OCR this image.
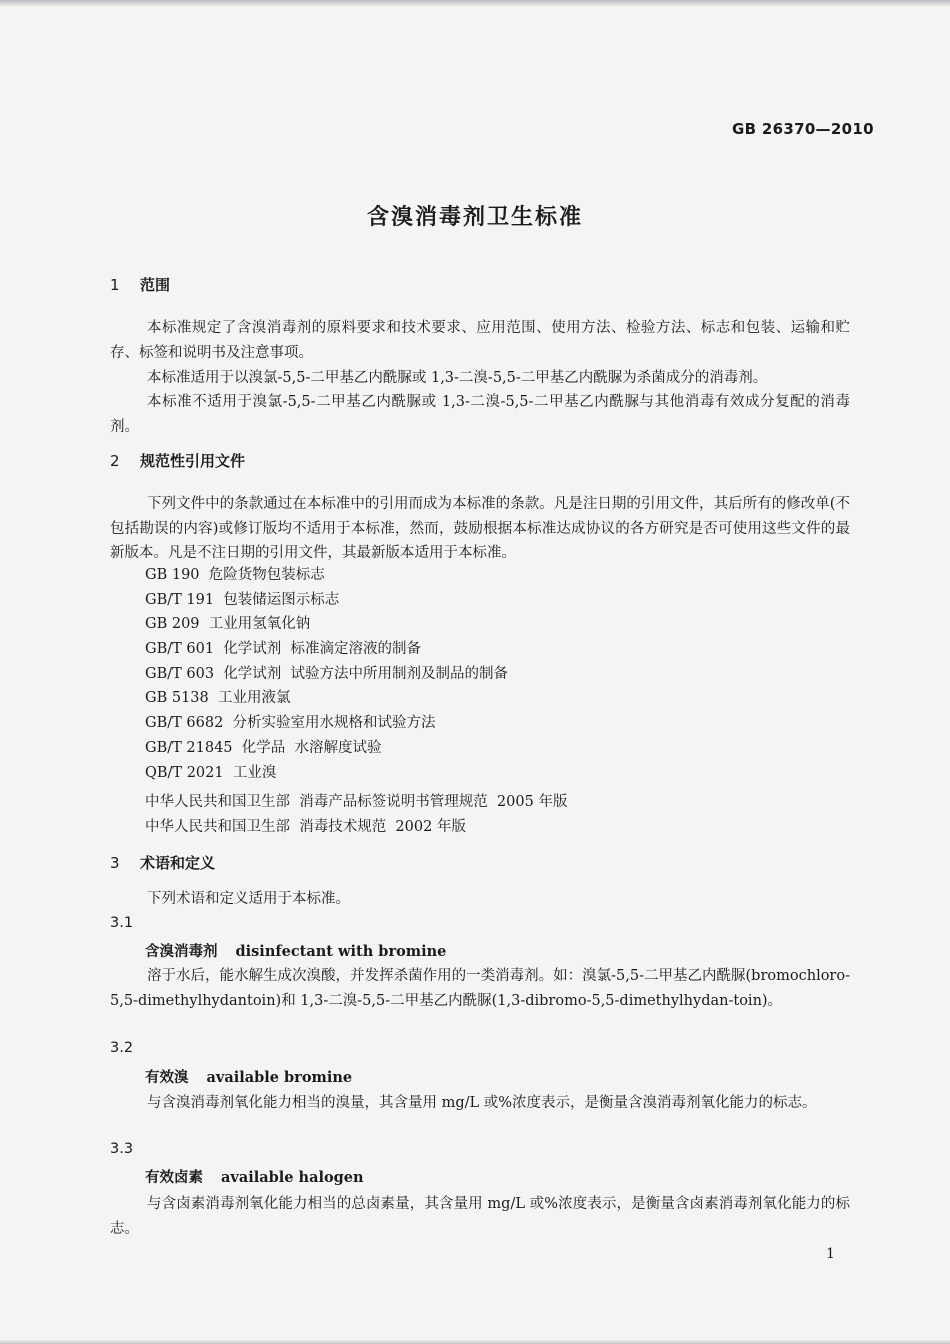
GB 26370—2010
含溴消毒剂卫生标准
1 范围
本标准规定了含溴消毒剂的原料要求和技术要求、应用范围、使用方法、检验方法、标志和包装、运输和贮存、标签和说明书及注意事项。
本标准适用于以溴氯-5,5-二甲基乙内酰脲或 1,3-二溴-5,5-二甲基乙内酰脲为杀菌成分的消毒剂。
本标准不适用于溴氯-5,5-二甲基乙内酰脲或 1,3-二溴-5,5-二甲基乙内酰脲与其他消毒有效成分复配的消毒剂。
2 规范性引用文件
下列文件中的条款通过在本标准中的引用而成为本标准的条款。凡是注日期的引用文件，其后所有的修改单(不包括勘误的内容)或修订版均不适用于本标准，然而，鼓励根据本标准达成协议的各方研究是否可使用这些文件的最新版本。凡是不注日期的引用文件，其最新版本适用于本标准。
GB 190  危险货物包装标志
GB/T 191  包装储运图示标志
GB 209  工业用氢氧化钠
GB/T 601  化学试剂  标准滴定溶液的制备
GB/T 603  化学试剂  试验方法中所用制剂及制品的制备
GB 5138  工业用液氯
GB/T 6682  分析实验室用水规格和试验方法
GB/T 21845  化学品  水溶解度试验
QB/T 2021  工业溴
中华人民共和国卫生部  消毒产品标签说明书管理规范  2005 年版
中华人民共和国卫生部  消毒技术规范  2002 年版
3 术语和定义
下列术语和定义适用于本标准。
3.1
含溴消毒剂 disinfectant with bromine
溶于水后，能水解生成次溴酸，并发挥杀菌作用的一类消毒剂。如：溴氯-5,5-二甲基乙内酰脲(bromochloro-5,5-dimethylhydantoin)和 1,3-二溴-5,5-二甲基乙内酰脲(1,3-dibromo-5,5-dimethylhydan-toin)。
3.2
有效溴 available bromine
与含溴消毒剂氧化能力相当的溴量，其含量用 mg/L 或%浓度表示，是衡量含溴消毒剂氧化能力的标志。
3.3
有效卤素 available halogen
与含卤素消毒剂氧化能力相当的总卤素量，其含量用 mg/L 或%浓度表示，是衡量含卤素消毒剂氧化能力的标志。
1
